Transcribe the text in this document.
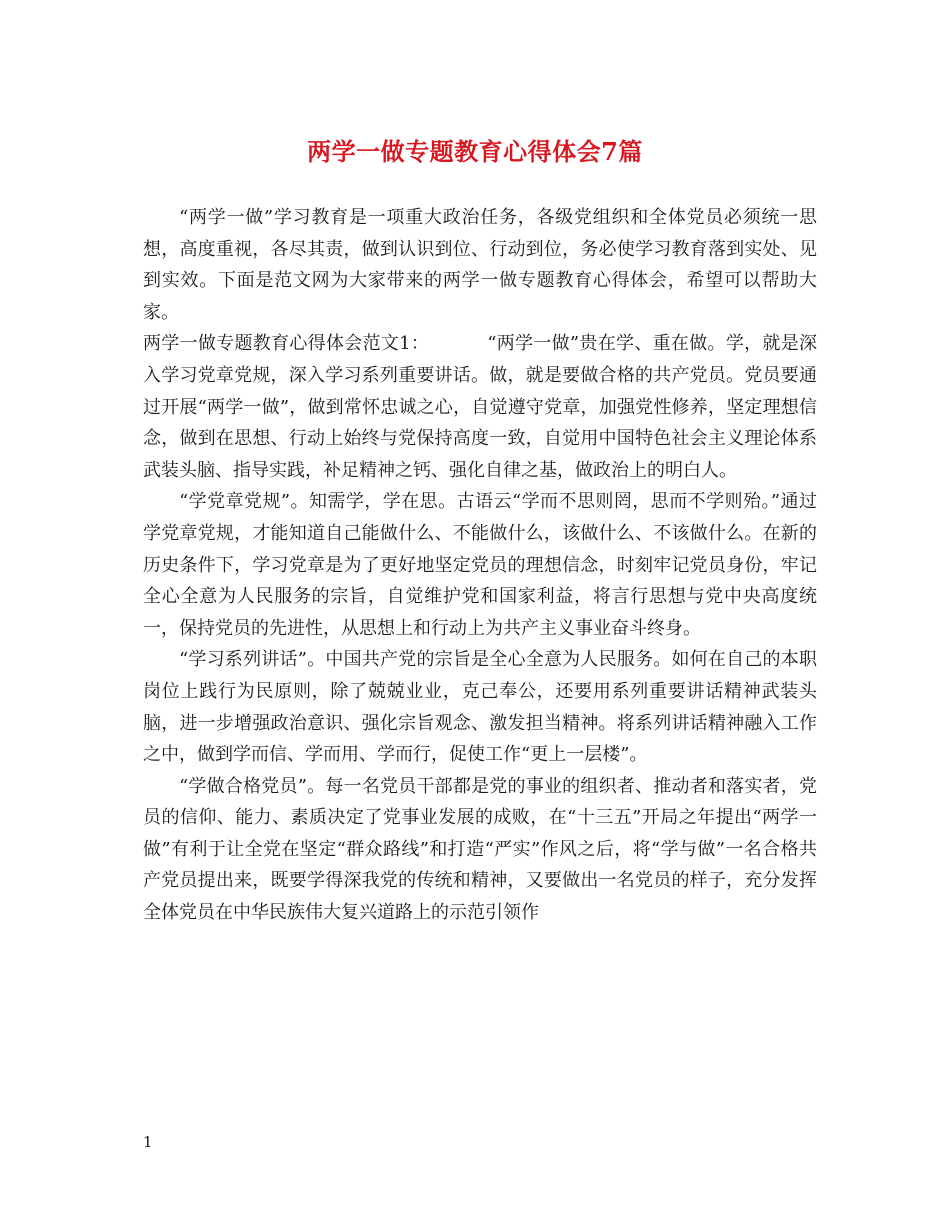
两学一做专题教育心得体会7篇

“两学一做”学习教育是一项重大政治任务，各级党组织和全体党员必须统一思想，高度重视，各尽其责，做到认识到位、行动到位，务必使学习教育落到实处、见到实效。下面是范文网为大家带来的两学一做专题教育心得体会，希望可以帮助大家。

两学一做专题教育心得体会范文1：	“两学一做”贵在学、重在做。学，就是深入学习党章党规，深入学习系列重要讲话。做，就是要做合格的共产党员。党员要通过开展“两学一做”，做到常怀忠诚之心，自觉遵守党章，加强党性修养，坚定理想信念，做到在思想、行动上始终与党保持高度一致，自觉用中国特色社会主义理论体系武装头脑、指导实践，补足精神之钙、强化自律之基，做政治上的明白人。

“学党章党规”。知需学，学在思。古语云“学而不思则罔，思而不学则殆。”通过学党章党规，才能知道自己能做什么、不能做什么，该做什么、不该做什么。在新的历史条件下，学习党章是为了更好地坚定党员的理想信念，时刻牢记党员身份，牢记全心全意为人民服务的宗旨，自觉维护党和国家利益，将言行思想与党中央高度统一，保持党员的先进性，从思想上和行动上为共产主义事业奋斗终身。

“学习系列讲话”。中国共产党的宗旨是全心全意为人民服务。如何在自己的本职岗位上践行为民原则，除了兢兢业业，克己奉公，还要用系列重要讲话精神武装头脑，进一步增强政治意识、强化宗旨观念、激发担当精神。将系列讲话精神融入工作之中，做到学而信、学而用、学而行，促使工作“更上一层楼”。

“学做合格党员”。每一名党员干部都是党的事业的组织者、推动者和落实者，党员的信仰、能力、素质决定了党事业发展的成败，在“十三五”开局之年提出“两学一做”有利于让全党在坚定“群众路线”和打造“严实”作风之后，将“学与做”一名合格共产党员提出来，既要学得深我党的传统和精神，又要做出一名党员的样子，充分发挥全体党员在中华民族伟大复兴道路上的示范引领作

1
